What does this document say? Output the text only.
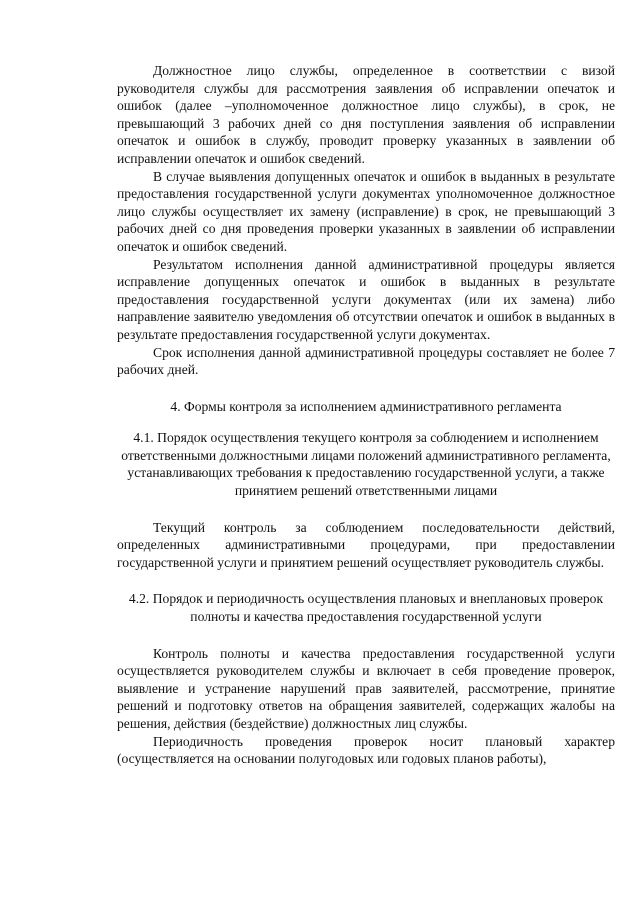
Должностное лицо службы, определенное в соответствии с визой руководителя службы для рассмотрения заявления об исправлении опечаток и ошибок (далее –уполномоченное должностное лицо службы), в срок, не превышающий 3 рабочих дней со дня поступления заявления об исправлении опечаток и ошибок в службу, проводит проверку указанных в заявлении об исправлении опечаток и ошибок сведений.

В случае выявления допущенных опечаток и ошибок в выданных в результате предоставления государственной услуги документах уполномоченное должностное лицо службы осуществляет их замену (исправление) в срок, не превышающий 3 рабочих дней со дня проведения проверки указанных в заявлении об исправлении опечаток и ошибок сведений.

Результатом исполнения данной административной процедуры является исправление допущенных опечаток и ошибок в выданных в результате предоставления государственной услуги документах (или их замена) либо направление заявителю уведомления об отсутствии опечаток и ошибок в выданных в результате предоставления государственной услуги документах.

Срок исполнения данной административной процедуры составляет не более 7 рабочих дней.

4. Формы контроля за исполнением административного регламента

4.1. Порядок осуществления текущего контроля за соблюдением и исполнением ответственными должностными лицами положений административного регламента, устанавливающих требования к предоставлению государственной услуги, а также принятием решений ответственными лицами

Текущий контроль за соблюдением последовательности действий, определенных административными процедурами, при предоставлении государственной услуги и принятием решений осуществляет руководитель службы.

4.2. Порядок и периодичность осуществления плановых и внеплановых проверок полноты и качества предоставления государственной услуги

Контроль полноты и качества предоставления государственной услуги осуществляется руководителем службы и включает в себя проведение проверок, выявление и устранение нарушений прав заявителей, рассмотрение, принятие решений и подготовку ответов на обращения заявителей, содержащих жалобы на решения, действия (бездействие) должностных лиц службы.

Периодичность проведения проверок носит плановый характер (осуществляется на основании полугодовых или годовых планов работы),
